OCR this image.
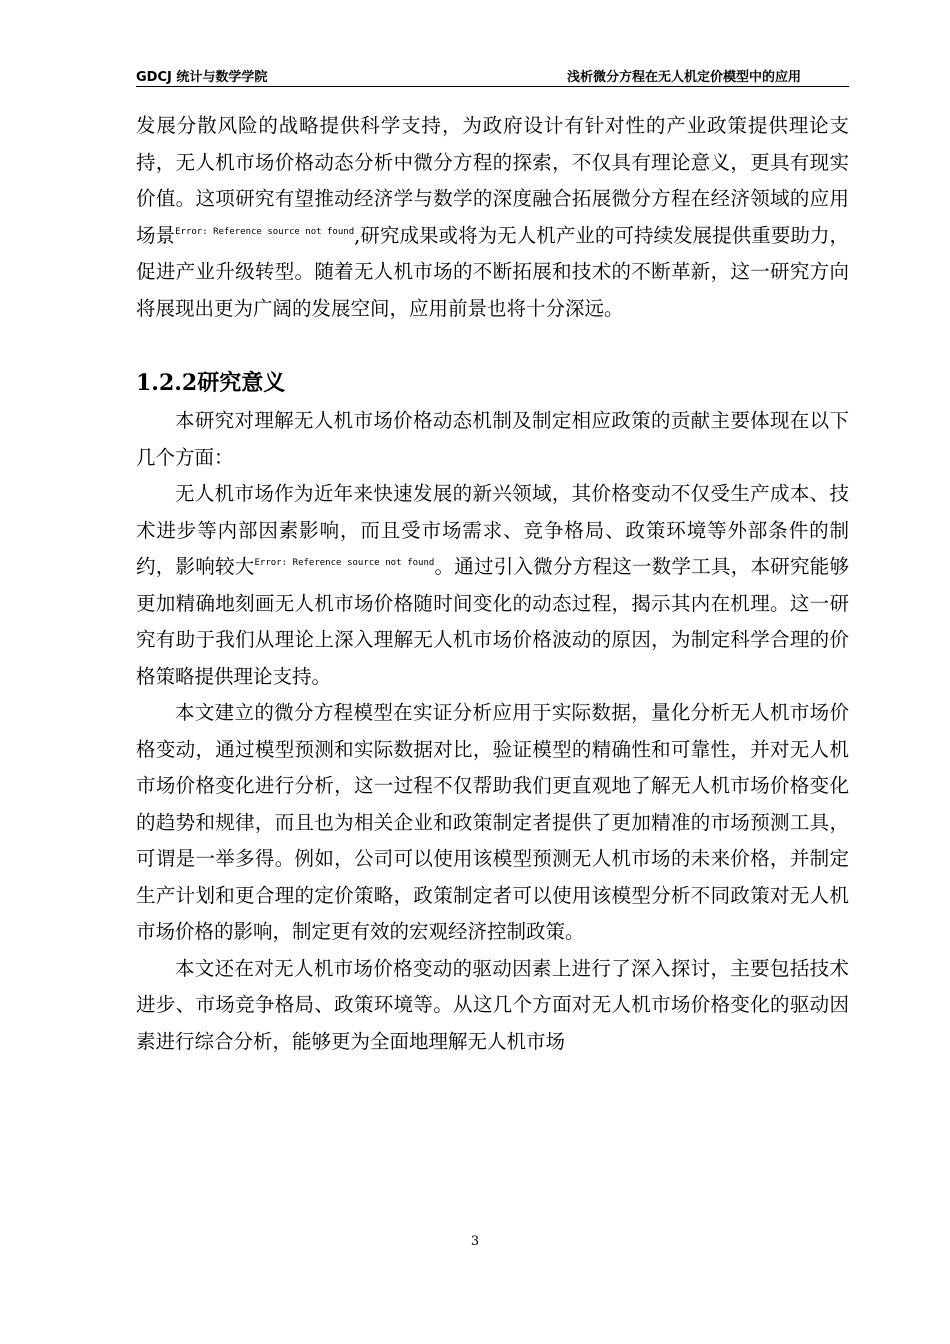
GDCJ 统计与数学学院	浅析微分方程在无人机定价模型中的应用

发展分散风险的战略提供科学支持，为政府设计有针对性的产业政策提供理论支持，无人机市场价格动态分析中微分方程的探索，不仅具有理论意义，更具有现实价值。这项研究有望推动经济学与数学的深度融合拓展微分方程在经济领域的应用场景$^{Error: Reference source not found}$,研究成果或将为无人机产业的可持续发展提供重要助力，促进产业升级转型。随着无人机市场的不断拓展和技术的不断革新，这一研究方向将展现出更为广阔的发展空间，应用前景也将十分深远。

1.2.2研究意义

本研究对理解无人机市场价格动态机制及制定相应政策的贡献主要体现在以下几个方面：

无人机市场作为近年来快速发展的新兴领域，其价格变动不仅受生产成本、技术进步等内部因素影响，而且受市场需求、竞争格局、政策环境等外部条件的制约，影响较大$^{Error: Reference source not found}$。通过引入微分方程这一数学工具，本研究能够更加精确地刻画无人机市场价格随时间变化的动态过程，揭示其内在机理。这一研究有助于我们从理论上深入理解无人机市场价格波动的原因，为制定科学合理的价格策略提供理论支持。

本文建立的微分方程模型在实证分析应用于实际数据，量化分析无人机市场价格变动，通过模型预测和实际数据对比，验证模型的精确性和可靠性，并对无人机市场价格变化进行分析，这一过程不仅帮助我们更直观地了解无人机市场价格变化的趋势和规律，而且也为相关企业和政策制定者提供了更加精准的市场预测工具，可谓是一举多得。例如，公司可以使用该模型预测无人机市场的未来价格，并制定生产计划和更合理的定价策略，政策制定者可以使用该模型分析不同政策对无人机市场价格的影响，制定更有效的宏观经济控制政策。

本文还在对无人机市场价格变动的驱动因素上进行了深入探讨，主要包括技术进步、市场竞争格局、政策环境等。从这几个方面对无人机市场价格变化的驱动因素进行综合分析，能够更为全面地理解无人机市场

3
